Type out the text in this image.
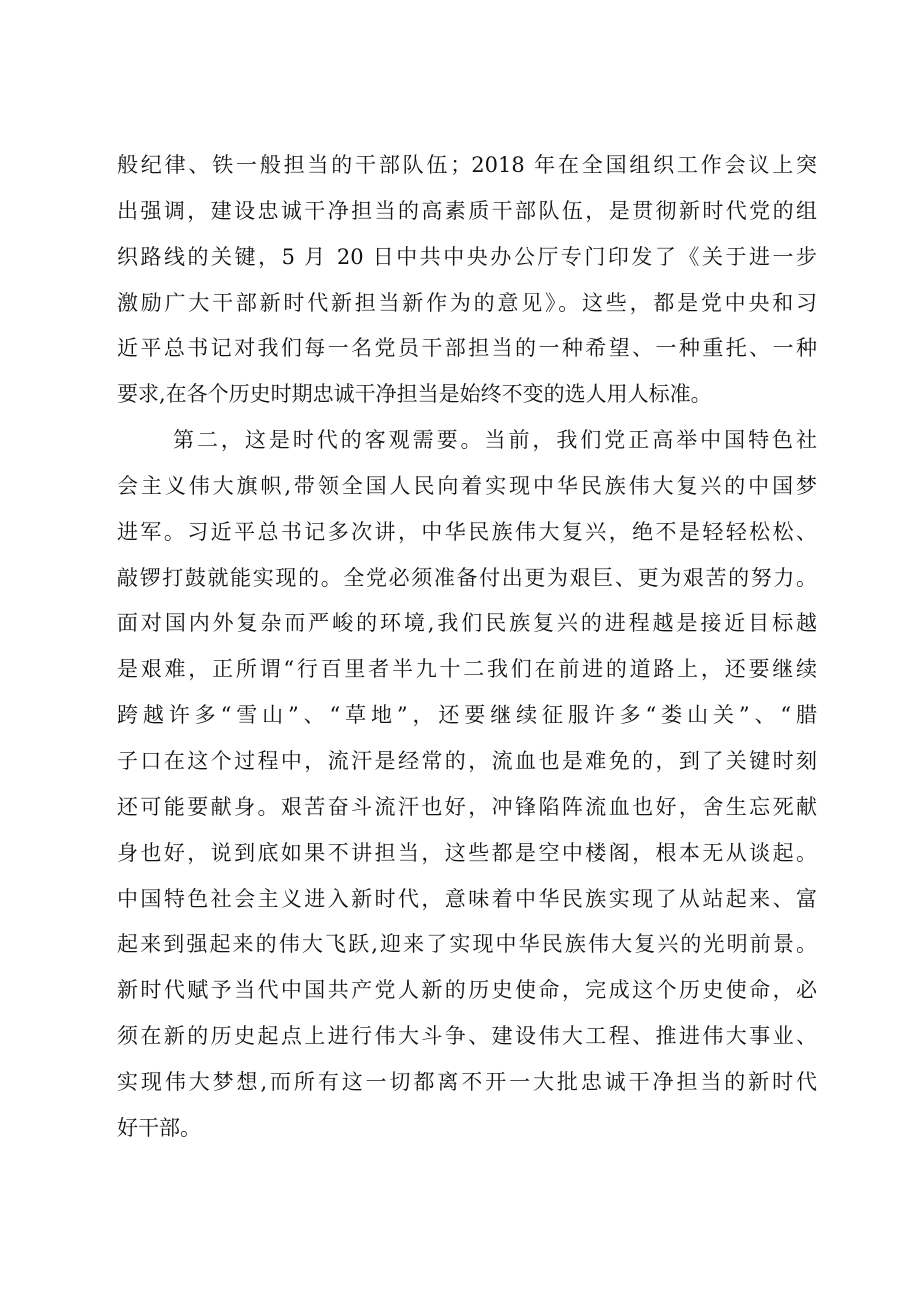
般纪律、铁一般担当的干部队伍；2018 年在全国组织工作会议上突
出强调，建设忠诚干净担当的高素质干部队伍，是贯彻新时代党的组
织路线的关键，5 月 20 日中共中央办公厅专门印发了《关于进一步
激励广大干部新时代新担当新作为的意见》。这些，都是党中央和习
近平总书记对我们每一名党员干部担当的一种希望、一种重托、一种
要求,在各个历史时期忠诚干净担当是始终不变的选人用人标准。
第二，这是时代的客观需要。当前，我们党正高举中国特色社
会主义伟大旗帜,带领全国人民向着实现中华民族伟大复兴的中国梦
进军。习近平总书记多次讲，中华民族伟大复兴，绝不是轻轻松松、
敲锣打鼓就能实现的。全党必须准备付出更为艰巨、更为艰苦的努力。
面对国内外复杂而严峻的环境,我们民族复兴的进程越是接近目标越
是艰难，正所谓“行百里者半九十二我们在前进的道路上，还要继续
跨越许多“雪山”、“草地”，还要继续征服许多“娄山关”、“腊
子口在这个过程中，流汗是经常的，流血也是难免的，到了关键时刻
还可能要献身。艰苦奋斗流汗也好，冲锋陷阵流血也好，舍生忘死献
身也好，说到底如果不讲担当，这些都是空中楼阁，根本无从谈起。
中国特色社会主义进入新时代，意味着中华民族实现了从站起来、富
起来到强起来的伟大飞跃,迎来了实现中华民族伟大复兴的光明前景。
新时代赋予当代中国共产党人新的历史使命，完成这个历史使命，必
须在新的历史起点上进行伟大斗争、建设伟大工程、推进伟大事业、
实现伟大梦想,而所有这一切都离不开一大批忠诚干净担当的新时代
好干部。
